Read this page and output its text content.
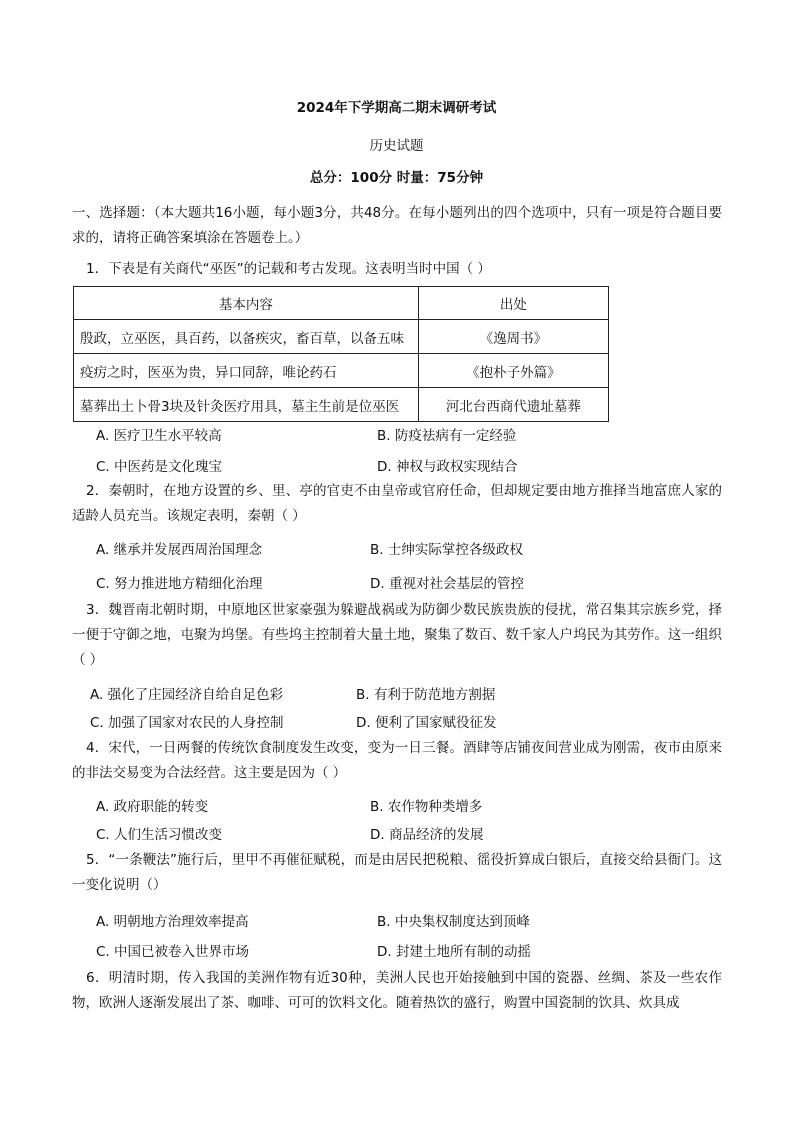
2024年下学期高二期末调研考试
历史试题
总分：100分 时量：75分钟
一、选择题：（本大题共16小题，每小题3分，共48分。在每小题列出的四个选项中，只有一项是符合题目要求的，请将正确答案填涂在答题卷上。）
1．下表是有关商代“巫医”的记载和考古发现。这表明当时中国（ ）
基本内容	出处
殷政，立巫医，具百药，以备疾灾，畜百草，以备五味	《逸周书》
疫疠之时，医巫为贵，异口同辞，唯论药石	《抱朴子外篇》
墓葬出土卜骨3块及针灸医疗用具，墓主生前是位巫医	河北台西商代遗址墓葬
A. 医疗卫生水平较高	B. 防疫祛病有一定经验
C. 中医药是文化瑰宝	D. 神权与政权实现结合
2．秦朝时，在地方设置的乡、里、亭的官吏不由皇帝或官府任命，但却规定要由地方推择当地富庶人家的适龄人员充当。该规定表明，秦朝（ ）
A. 继承并发展西周治国理念	B. 士绅实际掌控各级政权
C. 努力推进地方精细化治理	D. 重视对社会基层的管控
3．魏晋南北朝时期，中原地区世家豪强为躲避战祸或为防御少数民族贵族的侵扰，常召集其宗族乡党，择一便于守御之地，屯聚为坞堡。有些坞主控制着大量土地，聚集了数百、数千家人户坞民为其劳作。这一组织（ ）
A. 强化了庄园经济自给自足色彩	B. 有利于防范地方割据
C. 加强了国家对农民的人身控制	D. 便利了国家赋役征发
4．宋代，一日两餐的传统饮食制度发生改变，变为一日三餐。酒肆等店铺夜间营业成为刚需，夜市由原来的非法交易变为合法经营。这主要是因为（ ）
A. 政府职能的转变	B. 农作物种类增多
C. 人们生活习惯改变	D. 商品经济的发展
5．“一条鞭法”施行后，里甲不再催征赋税，而是由居民把税粮、徭役折算成白银后，直接交给县衙门。这一变化说明（）
A. 明朝地方治理效率提高	B. 中央集权制度达到顶峰
C. 中国已被卷入世界市场	D. 封建土地所有制的动摇
6．明清时期，传入我国的美洲作物有近30种，美洲人民也开始接触到中国的瓷器、丝绸、茶及一些农作物，欧洲人逐渐发展出了茶、咖啡、可可的饮料文化。随着热饮的盛行，购置中国瓷制的饮具、炊具成
